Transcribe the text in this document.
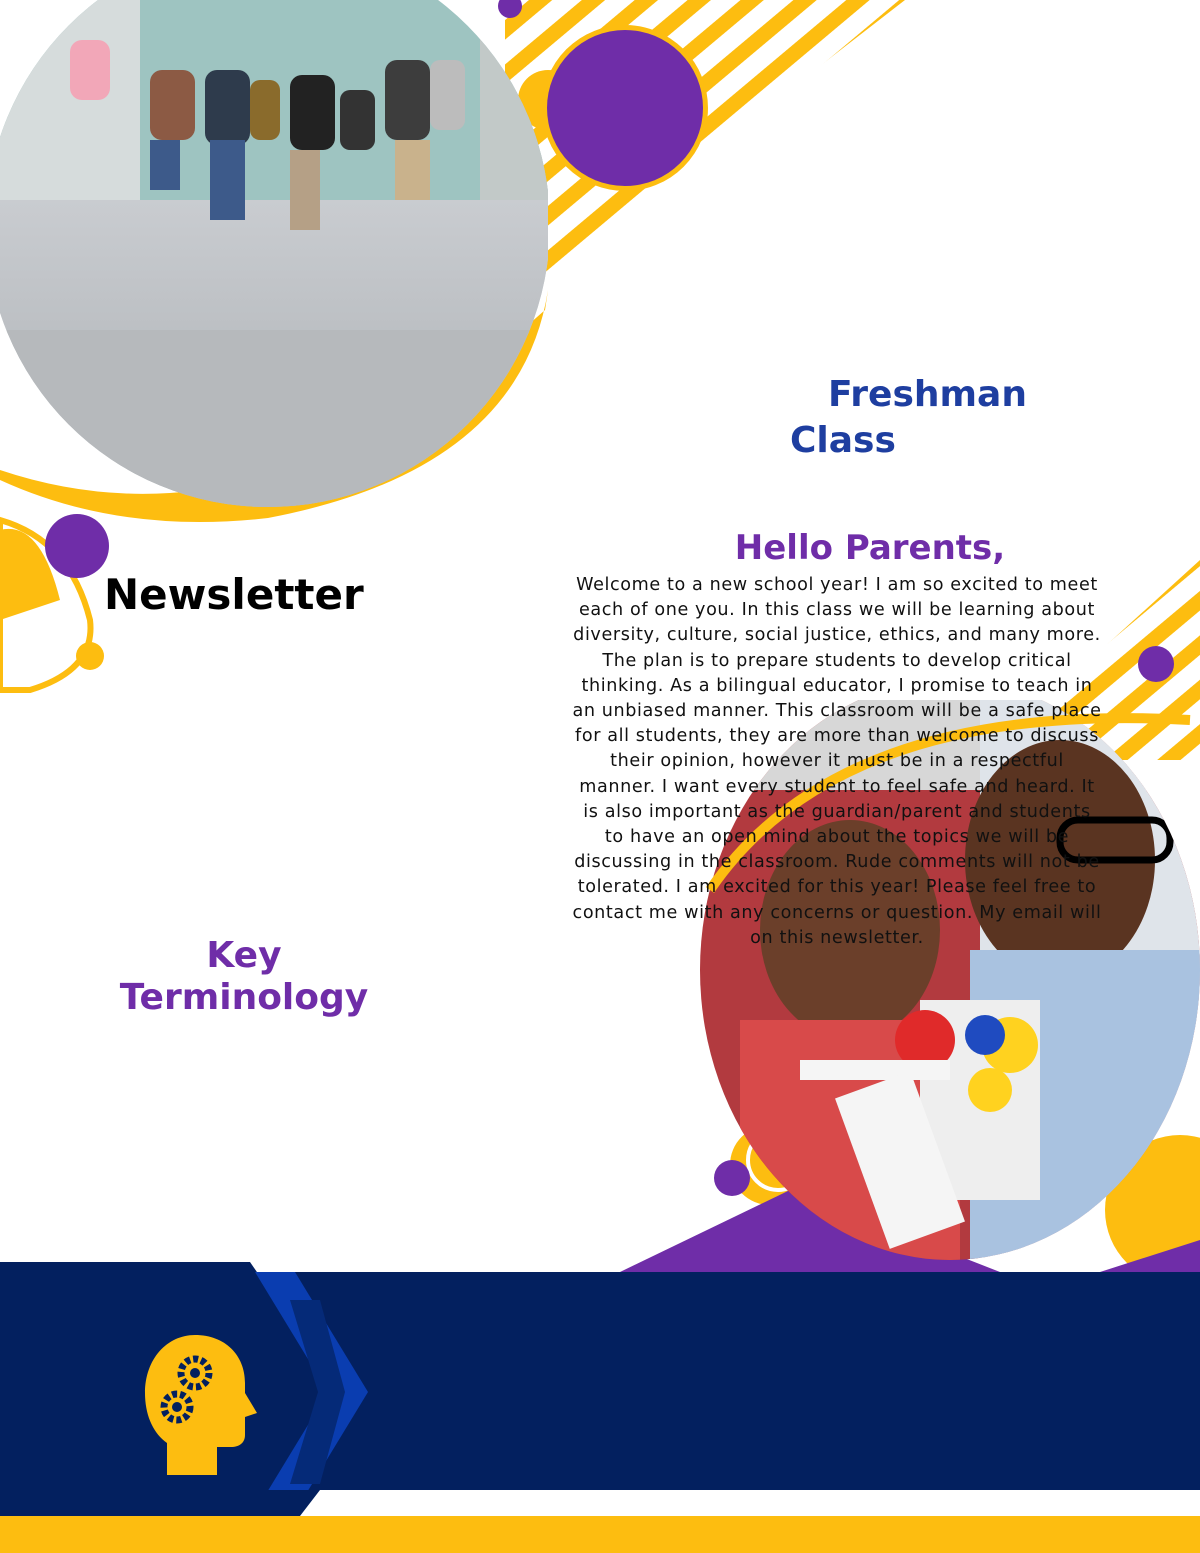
Freshman
Class
Newsletter
Key
Terminology
Hello Parents,
Welcome to a new school year! I am so excited to meet each of one you. In this class we will be learning about diversity, culture, social justice, ethics, and many more. The plan is to prepare students to develop critical thinking. As a bilingual educator, I promise to teach in an unbiased manner. This classroom will be a safe place for all students, they are more than welcome to discuss their opinion, however it must be in a respectful manner. I want every student to feel safe and heard. It is also important as the guardian/parent and students to have an open mind about the topics we will be discussing in the classroom. Rude comments will not be tolerated. I am excited for this year! Please feel free to contact me with any concerns or question. My email will on this newsletter.
